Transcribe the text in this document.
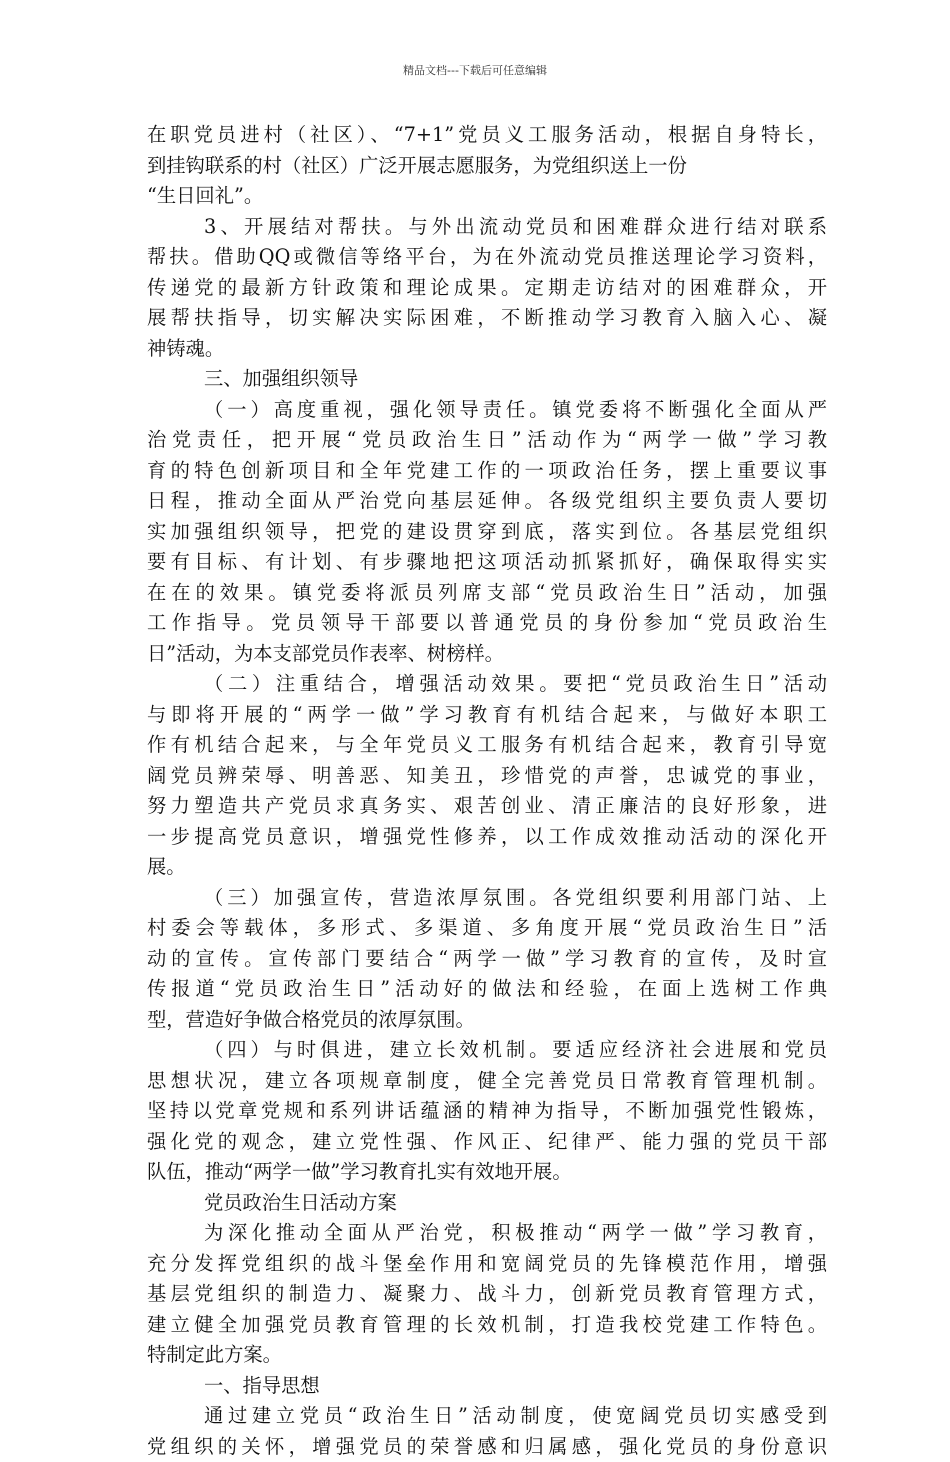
精品文档---下载后可任意编辑
在职党员进村（社区）、“7+1”党员义工服务活动，根据自身特长，
到挂钩联系的村（社区）广泛开展志愿服务，为党组织送上一份
“生日回礼”。
3、开展结对帮扶。与外出流动党员和困难群众进行结对联系
帮扶。借助QQ或微信等络平台，为在外流动党员推送理论学习资料，
传递党的最新方针政策和理论成果。定期走访结对的困难群众，开
展帮扶指导，切实解决实际困难，不断推动学习教育入脑入心、凝
神铸魂。
三、加强组织领导
（一）高度重视，强化领导责任。镇党委将不断强化全面从严
治党责任，把开展“党员政治生日”活动作为“两学一做”学习教
育的特色创新项目和全年党建工作的一项政治任务，摆上重要议事
日程，推动全面从严治党向基层延伸。各级党组织主要负责人要切
实加强组织领导，把党的建设贯穿到底，落实到位。各基层党组织
要有目标、有计划、有步骤地把这项活动抓紧抓好，确保取得实实
在在的效果。镇党委将派员列席支部“党员政治生日”活动，加强
工作指导。党员领导干部要以普通党员的身份参加“党员政治生
日”活动，为本支部党员作表率、树榜样。
（二）注重结合，增强活动效果。要把“党员政治生日”活动
与即将开展的“两学一做”学习教育有机结合起来，与做好本职工
作有机结合起来，与全年党员义工服务有机结合起来，教育引导宽
阔党员辨荣辱、明善恶、知美丑，珍惜党的声誉，忠诚党的事业，
努力塑造共产党员求真务实、艰苦创业、清正廉洁的良好形象，进
一步提高党员意识，增强党性修养，以工作成效推动活动的深化开
展。
（三）加强宣传，营造浓厚氛围。各党组织要利用部门站、上
村委会等载体，多形式、多渠道、多角度开展“党员政治生日”活
动的宣传。宣传部门要结合“两学一做”学习教育的宣传，及时宣
传报道“党员政治生日”活动好的做法和经验，在面上选树工作典
型，营造好争做合格党员的浓厚氛围。
（四）与时俱进，建立长效机制。要适应经济社会进展和党员
思想状况，建立各项规章制度，健全完善党员日常教育管理机制。
坚持以党章党规和系列讲话蕴涵的精神为指导，不断加强党性锻炼，
强化党的观念，建立党性强、作风正、纪律严、能力强的党员干部
队伍，推动“两学一做”学习教育扎实有效地开展。
党员政治生日活动方案
为深化推动全面从严治党，积极推动“两学一做”学习教育，
充分发挥党组织的战斗堡垒作用和宽阔党员的先锋模范作用，增强
基层党组织的制造力、凝聚力、战斗力，创新党员教育管理方式，
建立健全加强党员教育管理的长效机制，打造我校党建工作特色。
特制定此方案。
一、指导思想
通过建立党员“政治生日”活动制度，使宽阔党员切实感受到
党组织的关怀，增强党员的荣誉感和归属感，强化党员的身份意识
